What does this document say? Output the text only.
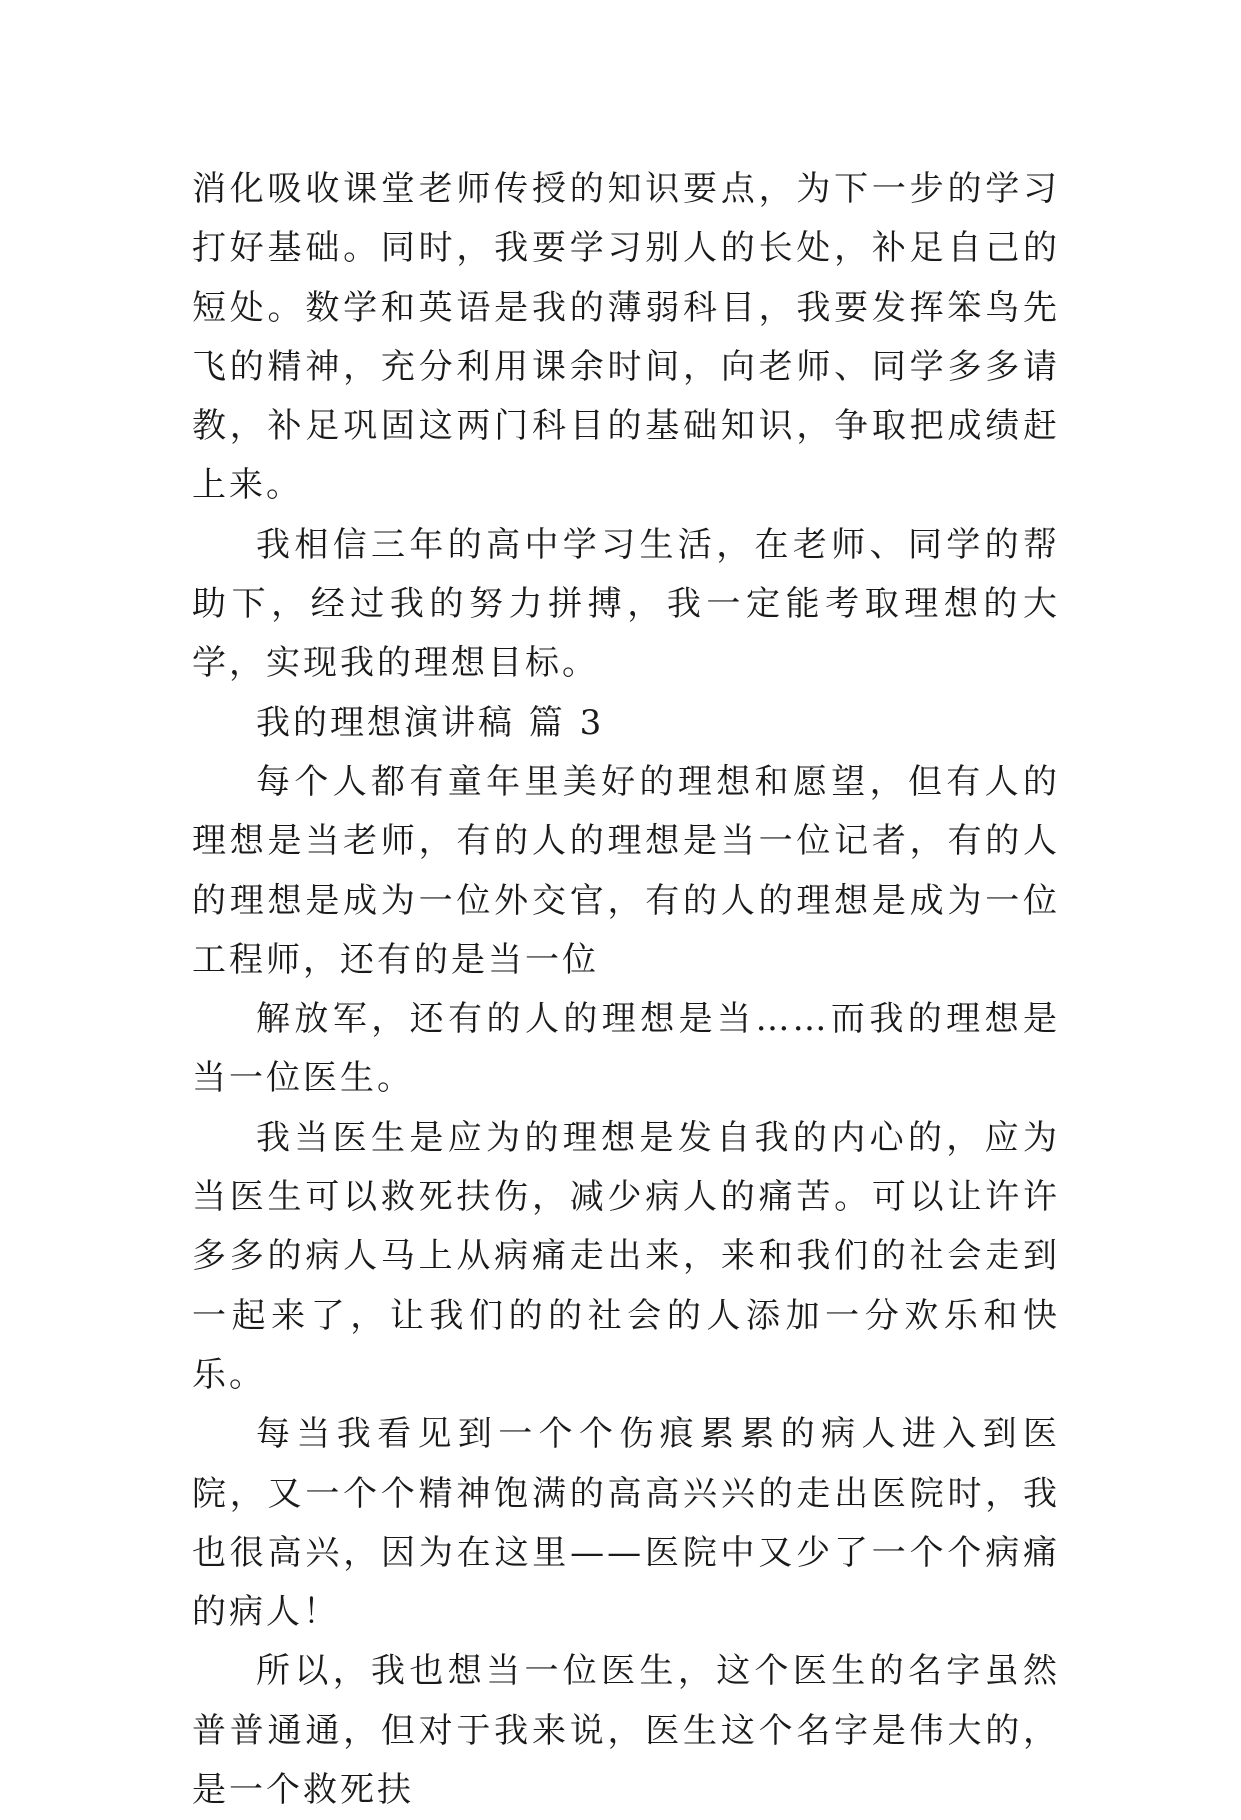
消化吸收课堂老师传授的知识要点，为下一步的学习打好基础。同时，我要学习别人的长处，补足自己的短处。数学和英语是我的薄弱科目，我要发挥笨鸟先飞的精神，充分利用课余时间，向老师、同学多多请教，补足巩固这两门科目的基础知识，争取把成绩赶上来。

我相信三年的高中学习生活，在老师、同学的帮助下，经过我的努力拼搏，我一定能考取理想的大学，实现我的理想目标。

我的理想演讲稿 篇 3

每个人都有童年里美好的理想和愿望，但有人的理想是当老师，有的人的理想是当一位记者，有的人的理想是成为一位外交官，有的人的理想是成为一位工程师，还有的是当一位

解放军，还有的人的理想是当……而我的理想是当一位医生。

我当医生是应为的理想是发自我的内心的，应为当医生可以救死扶伤，减少病人的痛苦。可以让许许多多的病人马上从病痛走出来，来和我们的社会走到一起来了，让我们的的社会的人添加一分欢乐和快乐。

每当我看见到一个个伤痕累累的病人进入到医院，又一个个精神饱满的高高兴兴的走出医院时，我也很高兴，因为在这里——医院中又少了一个个病痛的病人！

所以，我也想当一位医生，这个医生的名字虽然普普通通，但对于我来说，医生这个名字是伟大的，是一个救死扶
